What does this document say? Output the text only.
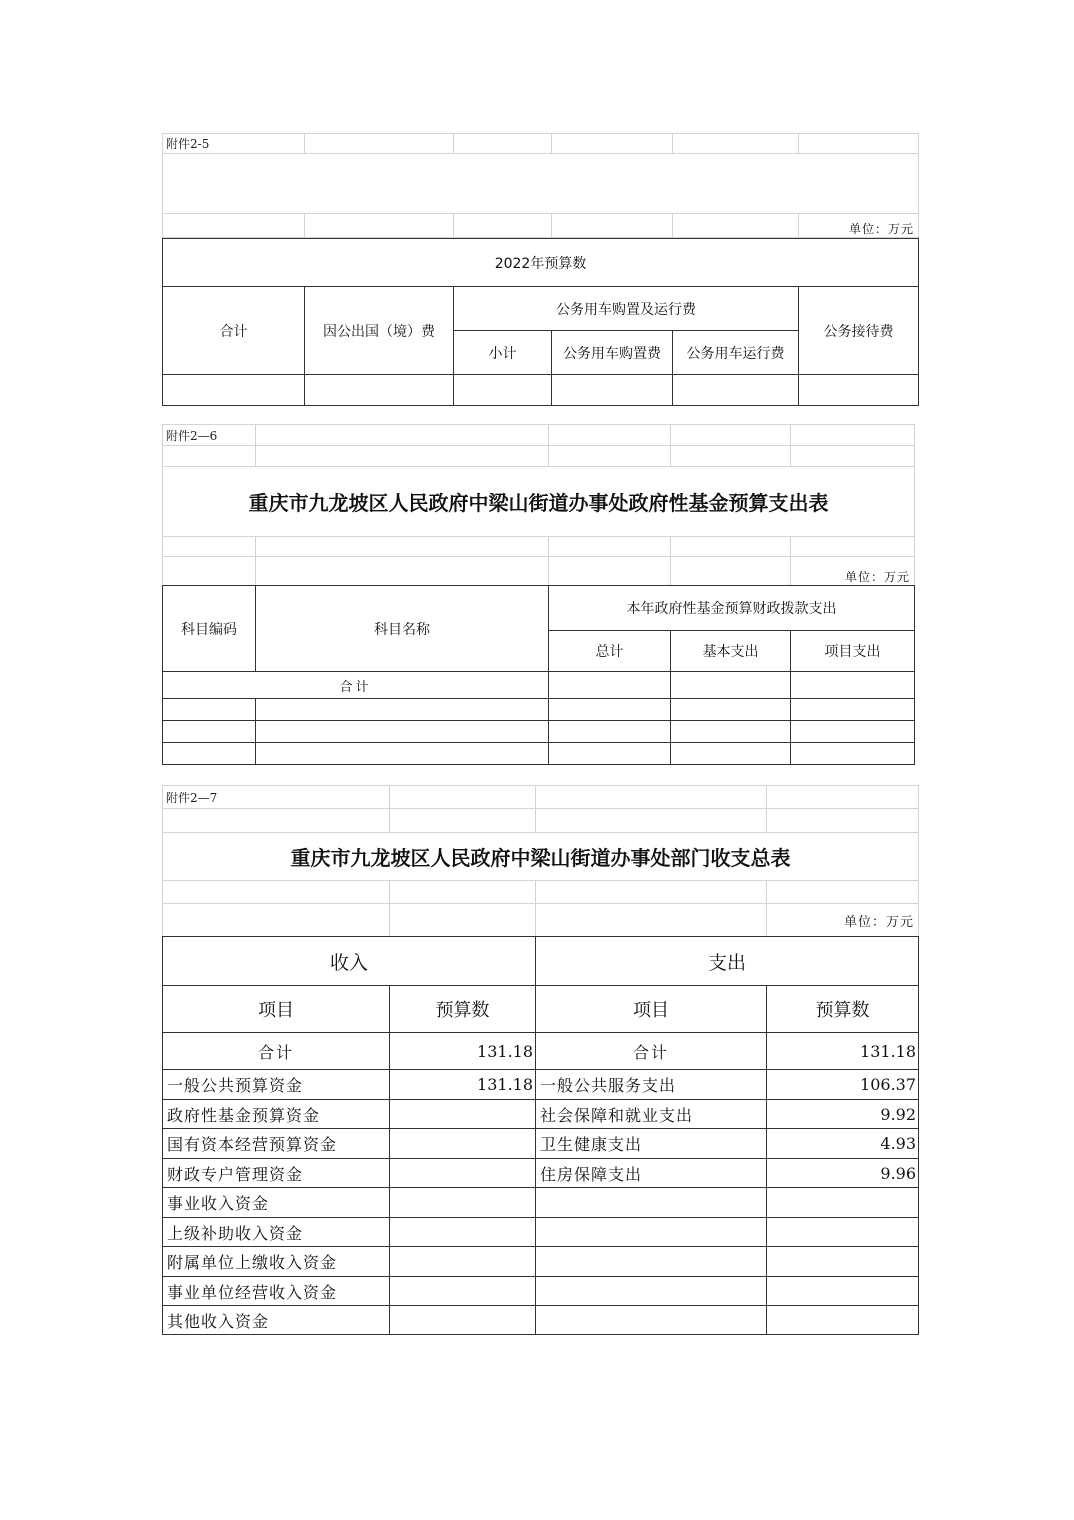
附件2-5					

					单位：万元
2022年预算数					
合计	因公出国（境）费	公务用车购置及运行费			公务接待费
		小计	公务用车购置费	公务用车运行费	

附件2—6				

重庆市九龙坡区人民政府中梁山街道办事处政府性基金预算支出表				

				单位：万元
科目编码	科目名称	本年政府性基金预算财政拨款支出		
		总计	基本支出	项目支出
合计				

附件2—7			

重庆市九龙坡区人民政府中梁山街道办事处部门收支总表			

			单位：万元
收入		支出	
项目	预算数	项目	预算数
合计	131.18	合计	131.18
一般公共预算资金	131.18	一般公共服务支出	106.37
政府性基金预算资金		社会保障和就业支出	9.92
国有资本经营预算资金		卫生健康支出	4.93
财政专户管理资金		住房保障支出	9.96
事业收入资金			
上级补助收入资金			
附属单位上缴收入资金			
事业单位经营收入资金			
其他收入资金			
